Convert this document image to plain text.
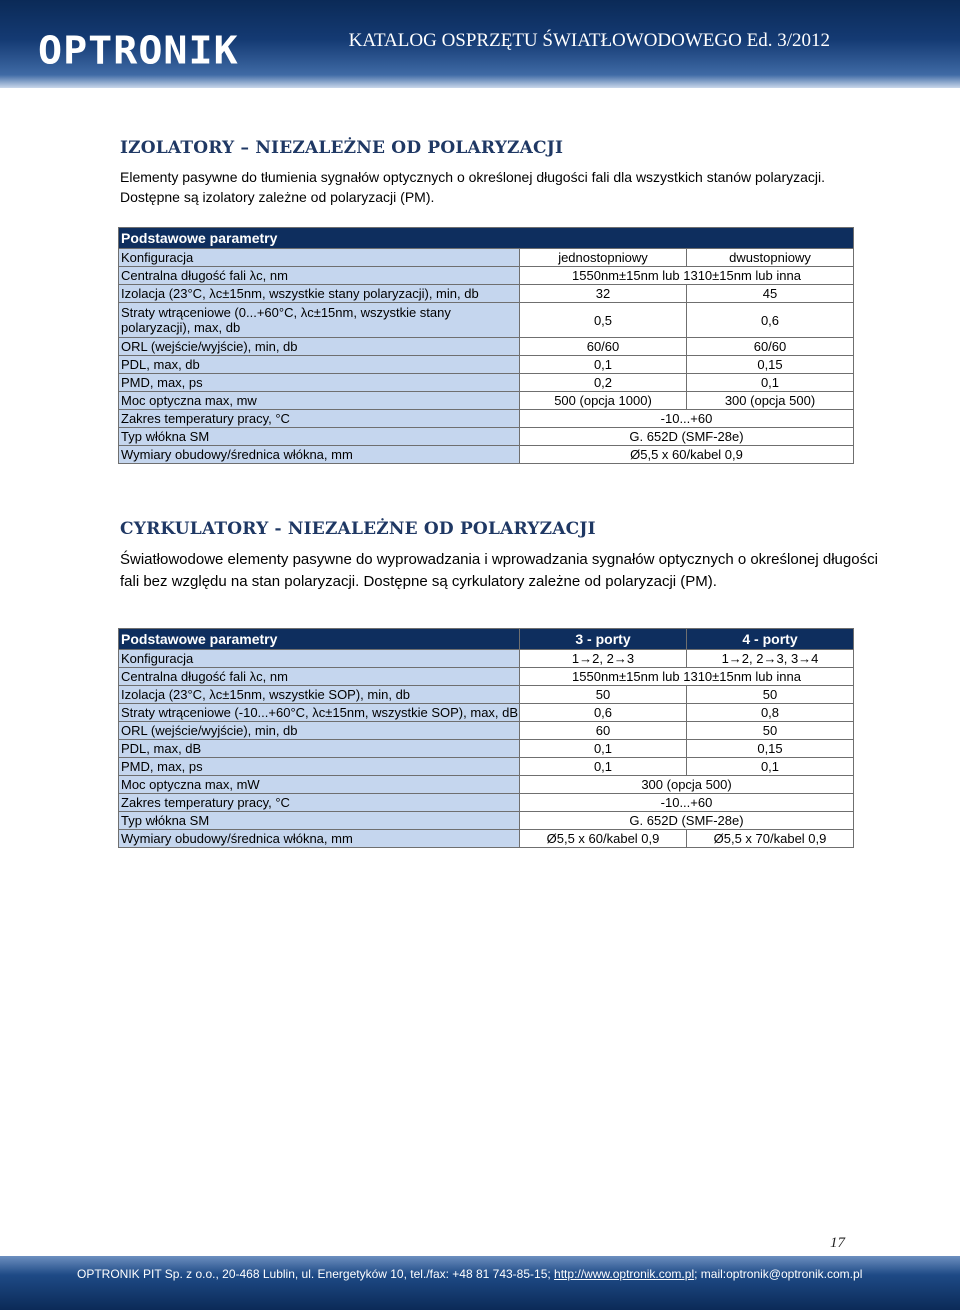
OPTRONIK	KATALOG OSPRZĘTU ŚWIATŁOWODOWEGO Ed. 3/2012
IZOLATORY – NIEZALEŻNE OD POLARYZACJI
Elementy pasywne do tłumienia sygnałów optycznych o określonej długości fali dla wszystkich stanów polaryzacji.
Dostępne są izolatory zależne od polaryzacji (PM).
Podstawowe parametry		
Konfiguracja	jednostopniowy	dwustopniowy
Centralna długość fali λc, nm	1550nm±15nm lub 1310±15nm lub inna	
Izolacja (23°C, λc±15nm, wszystkie stany polaryzacji), min, db	32	45
Straty wtrąceniowe (0...+60°C, λc±15nm, wszystkie stany polaryzacji), max, db	0,5	0,6
ORL (wejście/wyjście), min, db	60/60	60/60
PDL, max, db	0,1	0,15
PMD, max, ps	0,2	0,1
Moc optyczna max, mw	500 (opcja 1000)	300 (opcja 500)
Zakres temperatury pracy, °C	-10...+60	
Typ włókna SM	G. 652D (SMF-28e)	
Wymiary obudowy/średnica włókna, mm	Ø5,5 x 60/kabel 0,9	
CYRKULATORY - NIEZALEŻNE OD POLARYZACJI
Światłowodowe elementy pasywne do wyprowadzania i wprowadzania sygnałów optycznych o określonej długości
fali bez względu na stan polaryzacji. Dostępne są cyrkulatory zależne od polaryzacji (PM).
Podstawowe parametry	3 - porty	4 - porty
Konfiguracja	1→2, 2→3	1→2, 2→3, 3→4
Centralna długość fali λc, nm	1550nm±15nm lub 1310±15nm lub inna	
Izolacja (23°C, λc±15nm, wszystkie SOP), min, db	50	50
Straty wtrąceniowe (-10...+60°C, λc±15nm, wszystkie SOP), max, dB	0,6	0,8
ORL (wejście/wyjście), min, db	60	50
PDL, max, dB	0,1	0,15
PMD, max, ps	0,1	0,1
Moc optyczna max, mW	300 (opcja 500)	
Zakres temperatury pracy, °C	-10...+60	
Typ włókna SM	G. 652D (SMF-28e)	
Wymiary obudowy/średnica włókna, mm	Ø5,5 x 60/kabel 0,9	Ø5,5 x 70/kabel 0,9
17
OPTRONIK PIT Sp. z o.o., 20-468 Lublin, ul. Energetyków 10, tel./fax: +48 81 743-85-15; http://www.optronik.com.pl; mail:optronik@optronik.com.pl
